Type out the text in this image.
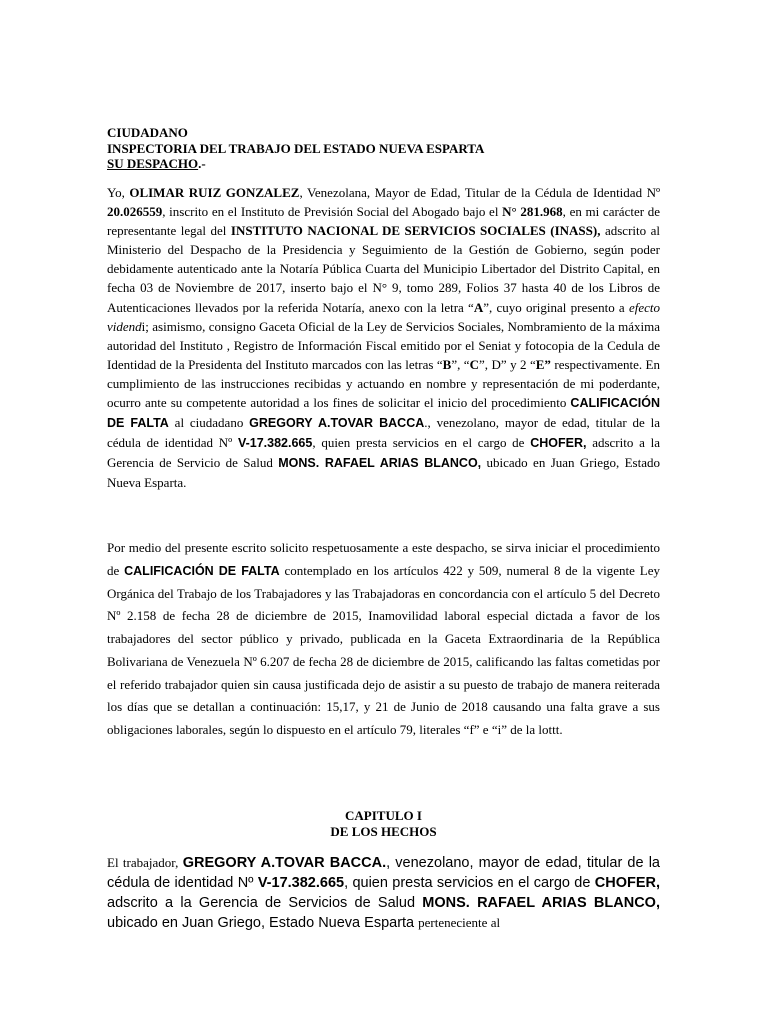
CIUDADANO
INSPECTORIA DEL TRABAJO DEL ESTADO NUEVA ESPARTA
SU DESPACHO.-

Yo, OLIMAR RUIZ GONZALEZ, Venezolana, Mayor de Edad, Titular de la Cédula de Identidad Nº 20.026559, inscrito en el Instituto de Previsión Social del Abogado bajo el N° 281.968, en mi carácter de representante legal del INSTITUTO NACIONAL DE SERVICIOS SOCIALES (INASS), adscrito al Ministerio del Despacho de la Presidencia y Seguimiento de la Gestión de Gobierno, según poder debidamente autenticado ante la Notaría Pública Cuarta del Municipio Libertador del Distrito Capital, en fecha 03 de Noviembre de 2017, inserto bajo el N° 9, tomo 289, Folios 37 hasta 40 de los Libros de Autenticaciones llevados por la referida Notaría, anexo con la letra “A”, cuyo original presento a efecto videndi; asimismo, consigno Gaceta Oficial de la Ley de Servicios Sociales, Nombramiento de la máxima autoridad del Instituto , Registro de Información Fiscal emitido por el Seniat y fotocopia de la Cedula de Identidad de la Presidenta del Instituto marcados con las letras “B”, “C”, D” y 2 “E” respectivamente. En cumplimiento de las instrucciones recibidas y actuando en nombre y representación de mi poderdante, ocurro ante su competente autoridad a los fines de solicitar el inicio del procedimiento CALIFICACIÓN DE FALTA al ciudadano GREGORY A.TOVAR BACCA., venezolano, mayor de edad, titular de la cédula de identidad Nº V-17.382.665, quien presta servicios en el cargo de CHOFER, adscrito a la Gerencia de Servicio de Salud MONS. RAFAEL ARIAS BLANCO, ubicado en Juan Griego, Estado Nueva Esparta.

Por medio del presente escrito solicito respetuosamente a este despacho, se sirva iniciar el procedimiento de CALIFICACIÓN DE FALTA contemplado en los artículos 422 y 509, numeral 8 de la vigente Ley Orgánica del Trabajo de los Trabajadores y las Trabajadoras en concordancia con el artículo 5 del Decreto Nº 2.158 de fecha 28 de diciembre de 2015, Inamovilidad laboral especial dictada a favor de los trabajadores del sector público y privado, publicada en la Gaceta Extraordinaria de la República Bolivariana de Venezuela Nº 6.207 de fecha 28 de diciembre de 2015, calificando las faltas cometidas por el referido trabajador quien sin causa justificada dejo de asistir a su puesto de trabajo de manera reiterada los días que se detallan a continuación: 15,17, y 21 de Junio de 2018 causando una falta grave a sus obligaciones laborales, según lo dispuesto en el artículo 79, literales “f” e “i” de la lottt.

CAPITULO I
DE LOS HECHOS

El trabajador, GREGORY A.TOVAR BACCA., venezolano, mayor de edad, titular de la cédula de identidad Nº V-17.382.665, quien presta servicios en el cargo de CHOFER, adscrito a la Gerencia de Servicios de Salud MONS. RAFAEL ARIAS BLANCO, ubicado en Juan Griego, Estado Nueva Esparta perteneciente al
